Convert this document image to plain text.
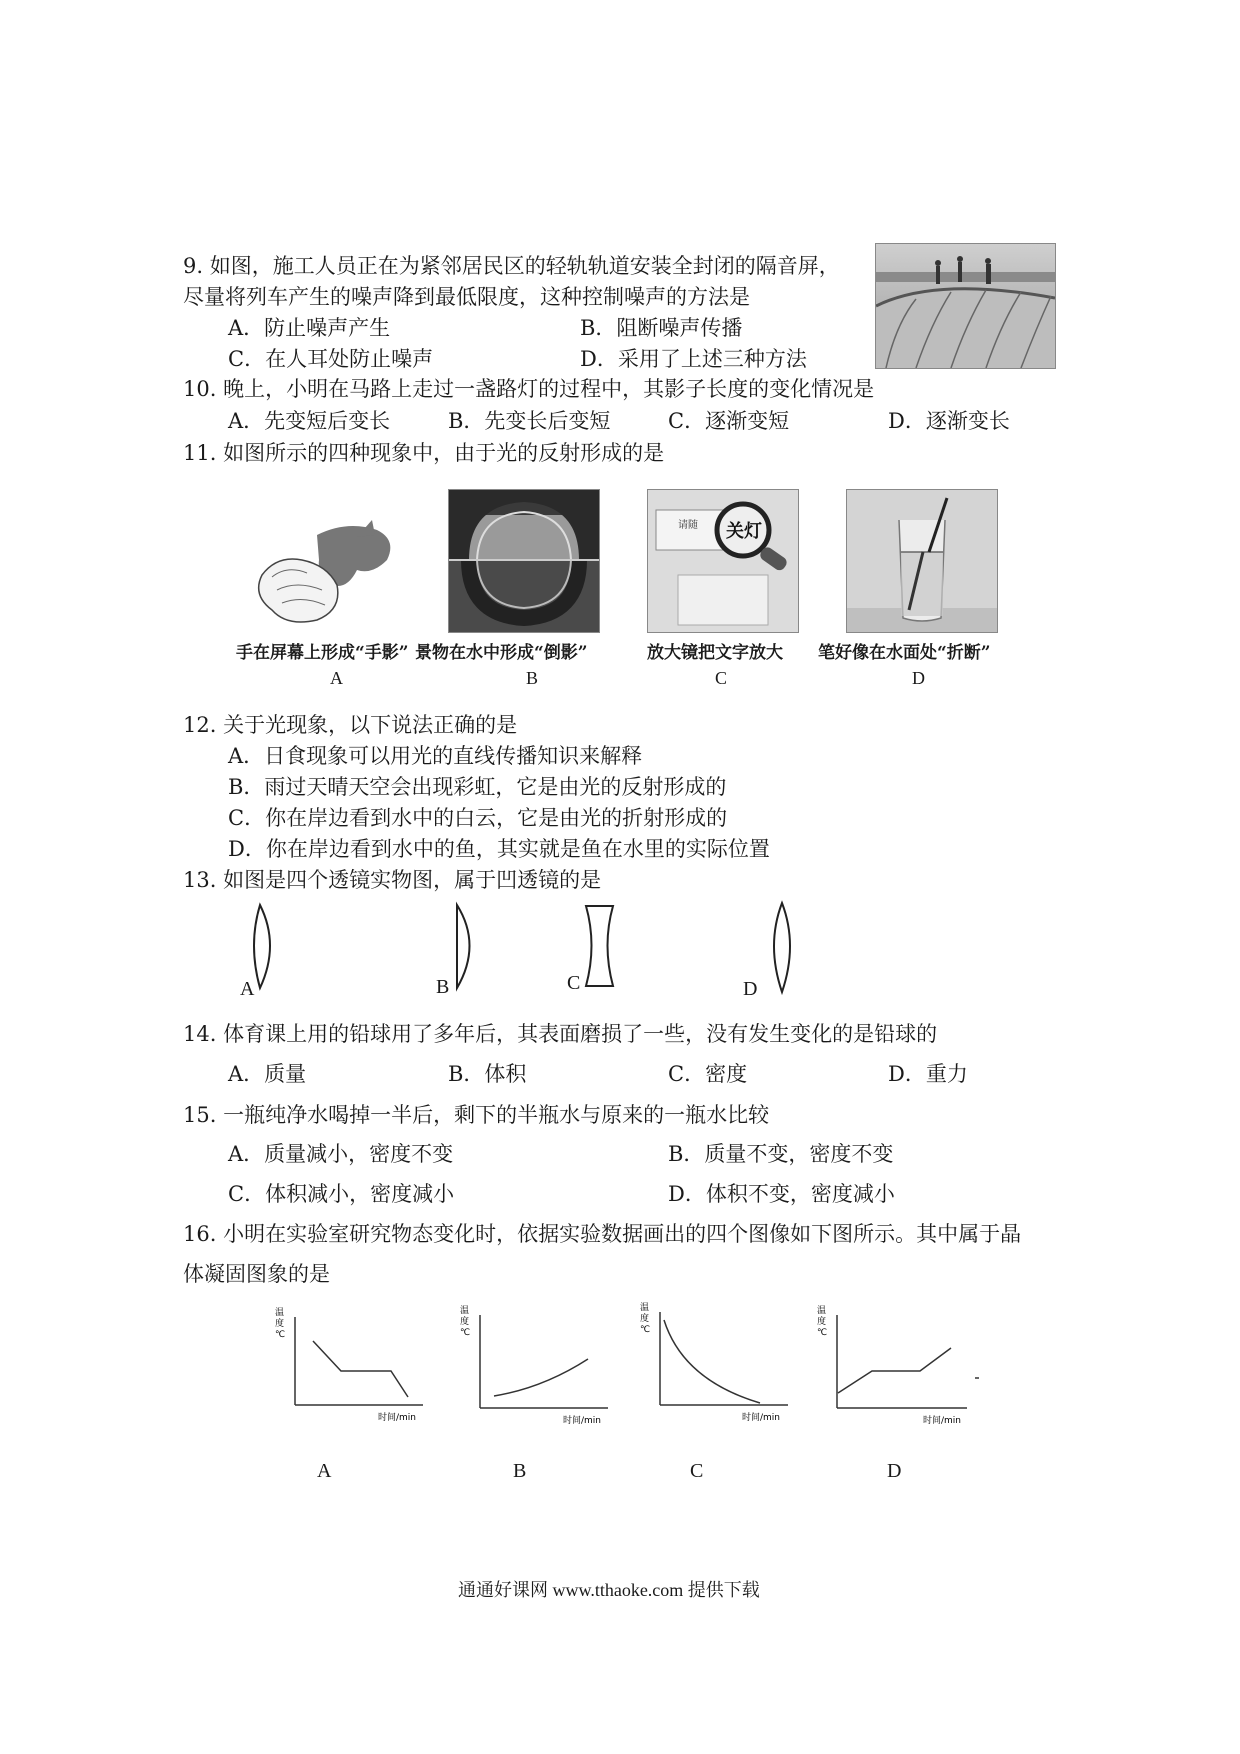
9. 如图，施工人员正在为紧邻居民区的轻轨轨道安装全封闭的隔音屏，
尽量将列车产生的噪声降到最低限度，这种控制噪声的方法是
A．防止噪声产生	B．阻断噪声传播
C．在人耳处防止噪声	D．采用了上述三种方法
10. 晚上，小明在马路上走过一盏路灯的过程中，其影子长度的变化情况是
A．先变短后变长	B．先变长后变短	C．逐渐变短	D．逐渐变长
11. 如图所示的四种现象中，由于光的反射形成的是
请随 关灯
手在屏幕上形成“手影” 景物在水中形成“倒影”	放大镜把文字放大 笔好像在水面处“折断”
A	B	C	D
12. 关于光现象，以下说法正确的是
A．日食现象可以用光的直线传播知识来解释
B．雨过天晴天空会出现彩虹，它是由光的反射形成的
C．你在岸边看到水中的白云，它是由光的折射形成的
D．你在岸边看到水中的鱼，其实就是鱼在水里的实际位置
13. 如图是四个透镜实物图，属于凹透镜的是
A	B	C	D
14. 体育课上用的铅球用了多年后，其表面磨损了一些，没有发生变化的是铅球的
A．质量	B．体积	C．密度	D．重力
15. 一瓶纯净水喝掉一半后，剩下的半瓶水与原来的一瓶水比较
A．质量减小，密度不变	B．质量不变，密度不变
C．体积减小，密度减小	D．体积不变，密度减小
16. 小明在实验室研究物态变化时，依据实验数据画出的四个图像如下图所示。其中属于晶
体凝固图象的是
温
度
℃
时间/min
温
度
℃
时间/min
温
度
℃
时间/min
温
度
℃
时间/min
A	B	C	D
通通好课网 www.tthaoke.com 提供下载
